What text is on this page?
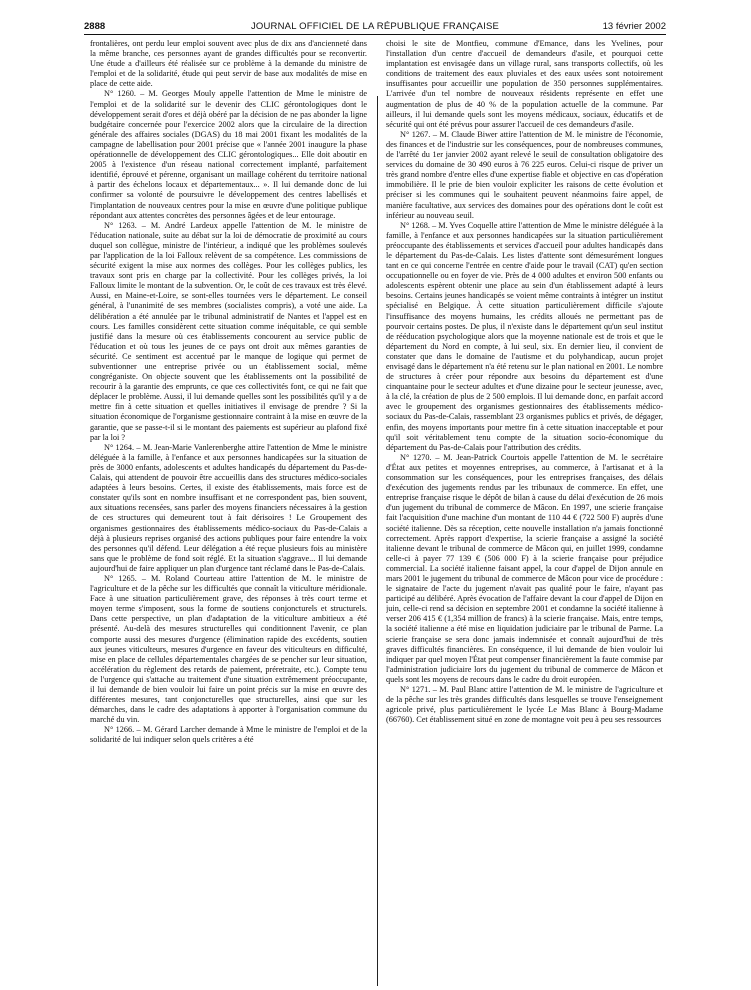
2888	JOURNAL OFFICIEL DE LA RÉPUBLIQUE FRANÇAISE	13 février 2002

frontalières, ont perdu leur emploi souvent avec plus de dix ans d'ancienneté dans la même branche, ces personnes ayant de grandes difficultés pour se reconvertir. Une étude a d'ailleurs été réalisée sur ce problème à la demande du ministre de l'emploi et de la solidarité, étude qui peut servir de base aux modalités de mise en place de cette aide.

N° 1260. – M. Georges Mouly appelle l'attention de Mme le ministre de l'emploi et de la solidarité sur le devenir des CLIC gérontologiques dont le développement serait d'ores et déjà obéré par la décision de ne pas abonder la ligne budgétaire concernée pour l'exercice 2002 alors que la circulaire de la direction générale des affaires sociales (DGAS) du 18 mai 2001 fixant les modalités de la campagne de labellisation pour 2001 précise que « l'année 2001 inaugure la phase opérationnelle de développement des CLIC gérontologiques... Elle doit aboutir en 2005 à l'existence d'un réseau national correctement implanté, parfaitement identifié, éprouvé et pérenne, organisant un maillage cohérent du territoire national à partir des échelons locaux et départementaux... ». Il lui demande donc de lui confirmer sa volonté de poursuivre le développement des centres labellisés et l'implantation de nouveaux centres pour la mise en œuvre d'une politique publique répondant aux attentes concrètes des personnes âgées et de leur entourage.

N° 1263. – M. André Lardeux appelle l'attention de M. le ministre de l'éducation nationale, suite au débat sur la loi de démocratie de proximité au cours duquel son collègue, ministre de l'intérieur, a indiqué que les problèmes soulevés par l'application de la loi Falloux relèvent de sa compétence. Les commissions de sécurité exigent la mise aux normes des collèges. Pour les collèges publics, les travaux sont pris en charge par la collectivité. Pour les collèges privés, la loi Falloux limite le montant de la subvention. Or, le coût de ces travaux est très élevé. Aussi, en Maine-et-Loire, se sont-elles tournées vers le département. Le conseil général, à l'unanimité de ses membres (socialistes compris), a voté une aide. La délibération a été annulée par le tribunal administratif de Nantes et l'appel est en cours. Les familles considèrent cette situation comme inéquitable, ce qui semble justifié dans la mesure où ces établissements concourent au service public de l'éducation et où tous les jeunes de ce pays ont droit aux mêmes garanties de sécurité. Ce sentiment est accentué par le manque de logique qui permet de subventionner une entreprise privée ou un établissement social, même congréganiste. On objecte souvent que les établissements ont la possibilité de recourir à la garantie des emprunts, ce que ces collectivités font, ce qui ne fait que déplacer le problème. Aussi, il lui demande quelles sont les possibilités qu'il y a de mettre fin à cette situation et quelles initiatives il envisage de prendre ? Si la situation économique de l'organisme gestionnaire contraint à la mise en œuvre de la garantie, que se passe-t-il si le montant des paiements est supérieur au plafond fixé par la loi ?

N° 1264. – M. Jean-Marie Vanlerenberghe attire l'attention de Mme le ministre déléguée à la famille, à l'enfance et aux personnes handicapées sur la situation de près de 3000 enfants, adolescents et adultes handicapés du département du Pas-de-Calais, qui attendent de pouvoir être accueillis dans des structures médico-sociales adaptées à leurs besoins. Certes, il existe des établissements, mais force est de constater qu'ils sont en nombre insuffisant et ne correspondent pas, bien souvent, aux situations recensées, sans parler des moyens financiers nécessaires à la gestion de ces structures qui demeurent tout à fait dérisoires ! Le Groupement des organismes gestionnaires des établissements médico-sociaux du Pas-de-Calais a déjà à plusieurs reprises organisé des actions publiques pour faire entendre la voix des personnes qu'il défend. Leur délégation a été reçue plusieurs fois au ministère sans que le problème de fond soit réglé. Et la situation s'aggrave... Il lui demande aujourd'hui de faire appliquer un plan d'urgence tant réclamé dans le Pas-de-Calais.

N° 1265. – M. Roland Courteau attire l'attention de M. le ministre de l'agriculture et de la pêche sur les difficultés que connaît la viticulture méridionale. Face à une situation particulièrement grave, des réponses à très court terme et moyen terme s'imposent, sous la forme de soutiens conjoncturels et structurels. Dans cette perspective, un plan d'adaptation de la viticulture ambitieux a été présenté. Au-delà des mesures structurelles qui conditionnent l'avenir, ce plan comporte aussi des mesures d'urgence (élimination rapide des excédents, soutien aux jeunes viticulteurs, mesures d'urgence en faveur des viticulteurs en difficulté, mise en place de cellules départementales chargées de se pencher sur leur situation, accélération du règlement des retards de paiement, préretraite, etc.). Compte tenu de l'urgence qui s'attache au traitement d'une situation extrêmement préoccupante, il lui demande de bien vouloir lui faire un point précis sur la mise en œuvre des différentes mesures, tant conjoncturelles que structurelles, ainsi que sur les démarches, dans le cadre des adaptations à apporter à l'organisation commune du marché du vin.

N° 1266. – M. Gérard Larcher demande à Mme le ministre de l'emploi et de la solidarité de lui indiquer selon quels critères a été

choisi le site de Montfieu, commune d'Emance, dans les Yvelines, pour l'installation d'un centre d'accueil de demandeurs d'asile, et pourquoi cette implantation est envisagée dans un village rural, sans transports collectifs, où les conditions de traitement des eaux pluviales et des eaux usées sont notoirement insuffisantes pour accueillir une population de 350 personnes supplémentaires. L'arrivée d'un tel nombre de nouveaux résidents représente en effet une augmentation de plus de 40 % de la population actuelle de la commune. Par ailleurs, il lui demande quels sont les moyens médicaux, sociaux, éducatifs et de sécurité qui ont été prévus pour assurer l'accueil de ces demandeurs d'asile.

N° 1267. – M. Claude Biwer attire l'attention de M. le ministre de l'économie, des finances et de l'industrie sur les conséquences, pour de nombreuses communes, de l'arrêté du 1er janvier 2002 ayant relevé le seuil de consultation obligatoire des services du domaine de 30 490 euros à 76 225 euros. Celui-ci risque de priver un très grand nombre d'entre elles d'une expertise fiable et objective en cas d'opération immobilière. Il le prie de bien vouloir expliciter les raisons de cette évolution et préciser si les communes qui le souhaitent peuvent néanmoins faire appel, de manière facultative, aux services des domaines pour des opérations dont le coût est inférieur au nouveau seuil.

N° 1268. – M. Yves Coquelle attire l'attention de Mme le ministre déléguée à la famille, à l'enfance et aux personnes handicapées sur la situation particulièrement préoccupante des établissements et services d'accueil pour adultes handicapés dans le département du Pas-de-Calais. Les listes d'attente sont démesurément longues tant en ce qui concerne l'entrée en centre d'aide pour le travail (CAT) qu'en section occupationnelle ou en foyer de vie. Près de 4 000 adultes et environ 500 enfants ou adolescents espèrent obtenir une place au sein d'un établissement adapté à leurs besoins. Certains jeunes handicapés se voient même contraints à intégrer un institut spécialisé en Belgique. À cette situation particulièrement difficile s'ajoute l'insuffisance des moyens humains, les crédits alloués ne permettant pas de pourvoir certains postes. De plus, il n'existe dans le département qu'un seul institut de rééducation psychologique alors que la moyenne nationale est de trois et que le département du Nord en compte, à lui seul, six. En dernier lieu, il convient de constater que dans le domaine de l'autisme et du polyhandicap, aucun projet envisagé dans le département n'a été retenu sur le plan national en 2001. Le nombre de structures à créer pour répondre aux besoins du département est d'une cinquantaine pour le secteur adultes et d'une dizaine pour le secteur jeunesse, avec, à la clé, la création de plus de 2 500 emplois. Il lui demande donc, en parfait accord avec le groupement des organismes gestionnaires des établissements médico-sociaux du Pas-de-Calais, rassemblant 23 organismes publics et privés, de dégager, enfin, des moyens importants pour mettre fin à cette situation inacceptable et pour qu'il soit véritablement tenu compte de la situation socio-économique du département du Pas-de-Calais pour l'attribution des crédits.

N° 1270. – M. Jean-Patrick Courtois appelle l'attention de M. le secrétaire d'État aux petites et moyennes entreprises, au commerce, à l'artisanat et à la consommation sur les conséquences, pour les entreprises françaises, des délais d'exécution des jugements rendus par les tribunaux de commerce. En effet, une entreprise française risque le dépôt de bilan à cause du délai d'exécution de 26 mois d'un jugement du tribunal de commerce de Mâcon. En 1997, une scierie française fait l'acquisition d'une machine d'un montant de 110 44 € (722 500 F) auprès d'une société italienne. Dès sa réception, cette nouvelle installation n'a jamais fonctionné correctement. Après rapport d'expertise, la scierie française a assigné la société italienne devant le tribunal de commerce de Mâcon qui, en juillet 1999, condamne celle-ci à payer 77 139 € (506 000 F) à la scierie française pour préjudice commercial. La société italienne faisant appel, la cour d'appel de Dijon annule en mars 2001 le jugement du tribunal de commerce de Mâcon pour vice de procédure : le signataire de l'acte du jugement n'avait pas qualité pour le faire, n'ayant pas participé au délibéré. Après évocation de l'affaire devant la cour d'appel de Dijon en juin, celle-ci rend sa décision en septembre 2001 et condamne la société italienne à verser 206 415 € (1,354 million de francs) à la scierie française. Mais, entre temps, la société italienne a été mise en liquidation judiciaire par le tribunal de Parme. La scierie française se sera donc jamais indemnisée et connaît aujourd'hui de très graves difficultés financières. En conséquence, il lui demande de bien vouloir lui indiquer par quel moyen l'État peut compenser financièrement la faute commise par l'administration judiciaire lors du jugement du tribunal de commerce de Mâcon et quels sont les moyens de recours dans le cadre du droit européen.

N° 1271. – M. Paul Blanc attire l'attention de M. le ministre de l'agriculture et de la pêche sur les très grandes difficultés dans lesquelles se trouve l'enseignement agricole privé, plus particulièrement le lycée Le Mas Blanc à Bourg-Madame (66760). Cet établissement situé en zone de montagne voit peu à peu ses ressources
